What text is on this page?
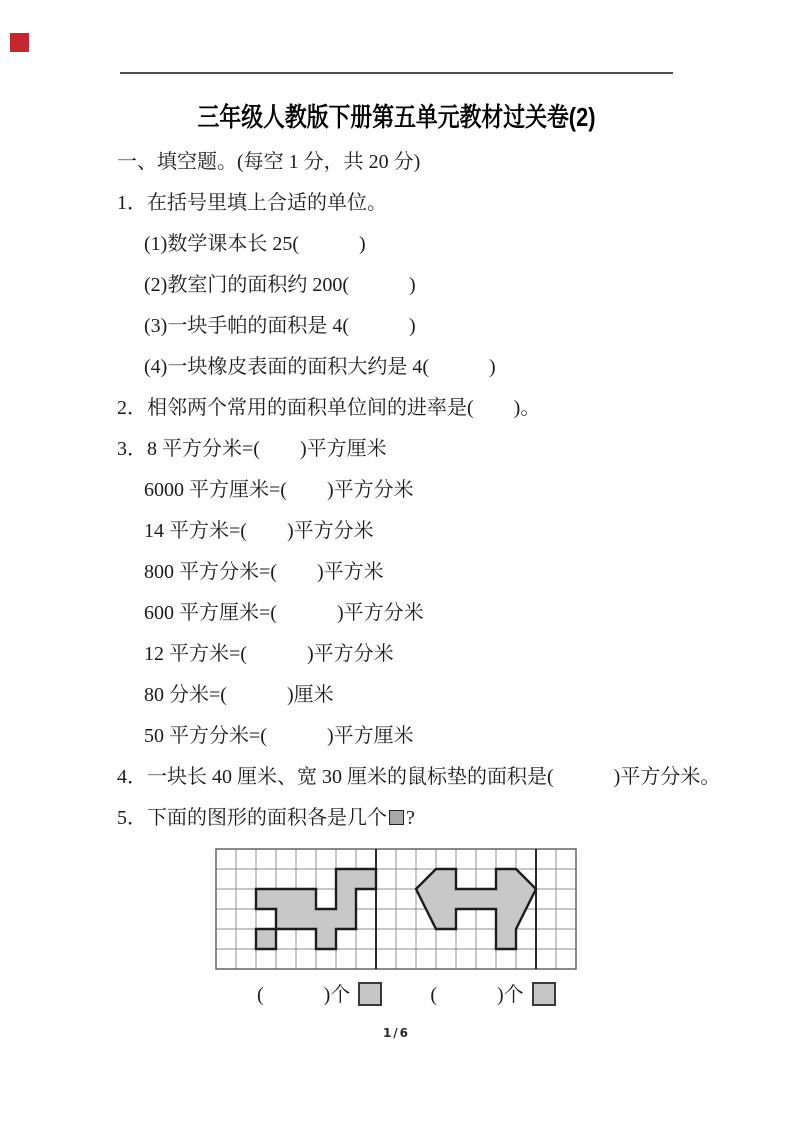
三年级人教版下册第五单元教材过关卷(2)
一、填空题。(每空 1 分，共 20 分)
1．在括号里填上合适的单位。
(1)数学课本长 25(　　　)
(2)教室门的面积约 200(　　　)
(3)一块手帕的面积是 4(　　　)
(4)一块橡皮表面的面积大约是 4(　　　)
2．相邻两个常用的面积单位间的进率是(　　)。
3．8 平方分米=(　　)平方厘米
6000 平方厘米=(　　)平方分米
14 平方米=(　　)平方分米
800 平方分米=(　　)平方米
600 平方厘米=(　　　)平方分米
12 平方米=(　　　)平方分米
80 分米=(　　　)厘米
50 平方分米=(　　　)平方厘米
4．一块长 40 厘米、宽 30 厘米的鼠标垫的面积是(　　　)平方分米。
5．下面的图形的面积各是几个 ?
(　　　)个	(　　　)个
1/6
